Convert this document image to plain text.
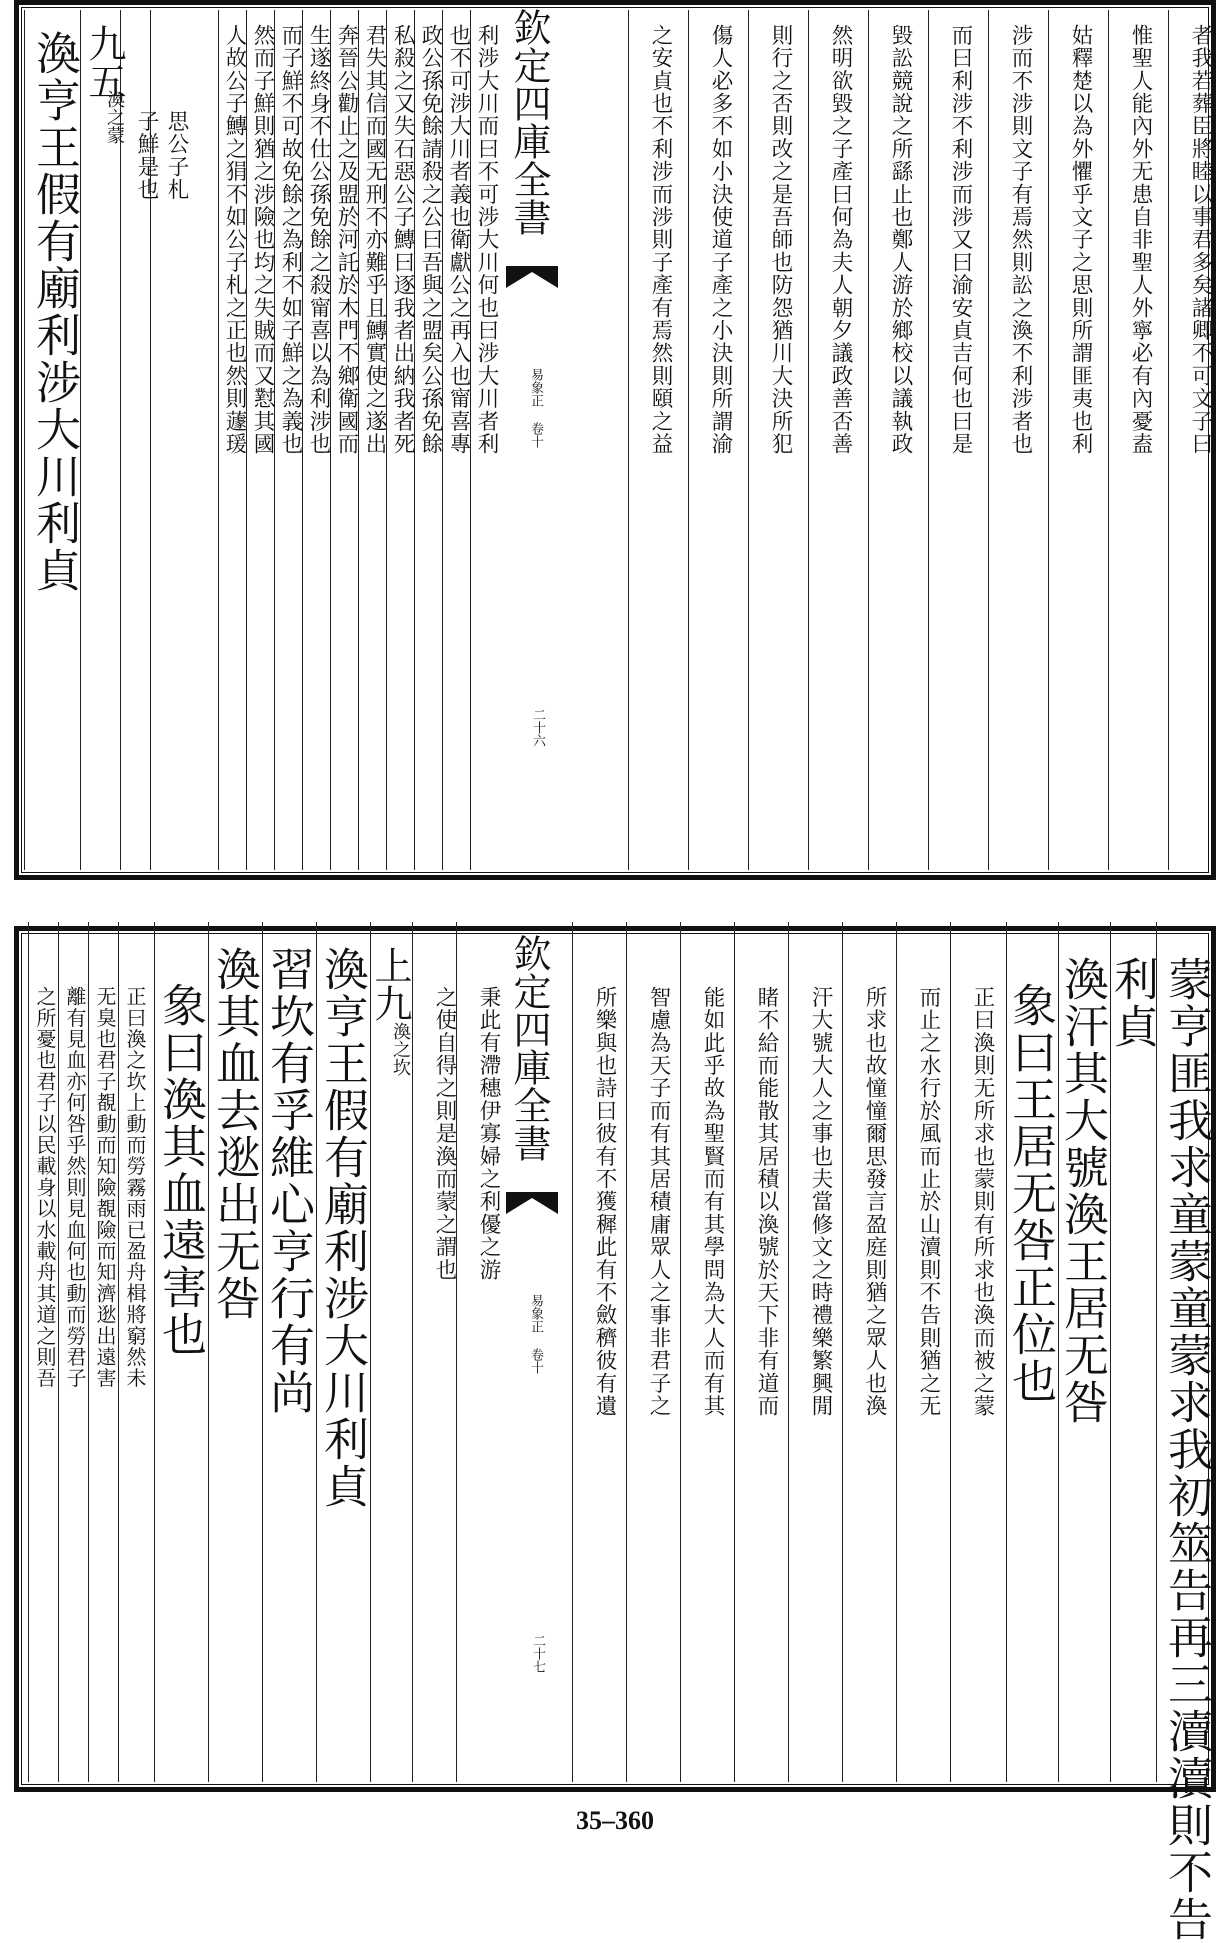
者我若葬臣將睦以事君多矣諸卿不可文子曰
惟聖人能內外无患自非聖人外寧必有內憂盍
姑釋楚以為外懼乎文子之思則所謂匪夷也利
涉而不涉則文子有焉然則訟之渙不利涉者也
而曰利涉不利涉而涉又曰渝安貞吉何也曰是
毀訟競說之所繇止也鄭人游於鄉校以議執政
然明欲毀之子產曰何為夫人朝夕議政善否善
則行之否則改之是吾師也防怨猶川大決所犯
傷人必多不如小決使道子產之小決則所謂渝
之安貞也不利涉而涉則子產有焉然則頤之益
欽定四庫全書
易象正 卷十
二十六
利涉大川而曰不可涉大川何也曰涉大川者利
也不可涉大川者義也衛獻公之再入也甯喜專
政公孫免餘請殺之公曰吾與之盟矣公孫免餘
私殺之又失石惡公子鱄曰逐我者出納我者死
君失其信而國无刑不亦難乎且鱄實使之遂出
奔晉公勸止之及盟於河託於木門不鄉衛國而
生遂終身不仕公孫免餘之殺甯喜以為利涉也
而子鮮不可故免餘之為利不如子鮮之為義也
然而子鮮則猶之涉險也均之失賊而又懟其國
人故公子鱄之狷不如公子札之正也然則蘧瑗
思公子札
子鮮是也
九五
渙之蒙
渙亨王假有廟利涉大川利貞
蒙亨匪我求童蒙童蒙求我初筮告再三瀆瀆則不告
利貞
渙汗其大號渙王居无咎
象曰王居无咎正位也
正曰渙則无所求也蒙則有所求也渙而被之蒙
而止之水行於風而止於山瀆則不告則猶之无
所求也故憧憧爾思發言盈庭則猶之眾人也渙
汗大號大人之事也夫當修文之時禮樂繁興閒
睹不給而能散其居積以渙號於天下非有道而
能如此乎故為聖賢而有其學問為大人而有其
智慮為天子而有其居積庸眾人之事非君子之
所樂與也詩曰彼有不獲穉此有不斂穧彼有遺
欽定四庫全書
易象正 卷十
二十七
秉此有滯穗伊寡婦之利優之游
之使自得之則是渙而蒙之謂也
上九
渙之坎
渙亨王假有廟利涉大川利貞
習坎有孚維心亨行有尚
渙其血去逖出无咎
象曰渙其血遠害也
正曰渙之坎上動而勞霧雨已盈舟楫將窮然未
无臭也君子覩動而知險覩險而知濟逖出遠害
離有見血亦何咎乎然則見血何也動而勞君子
之所憂也君子以民載身以水載舟其道之則吾
35–360
